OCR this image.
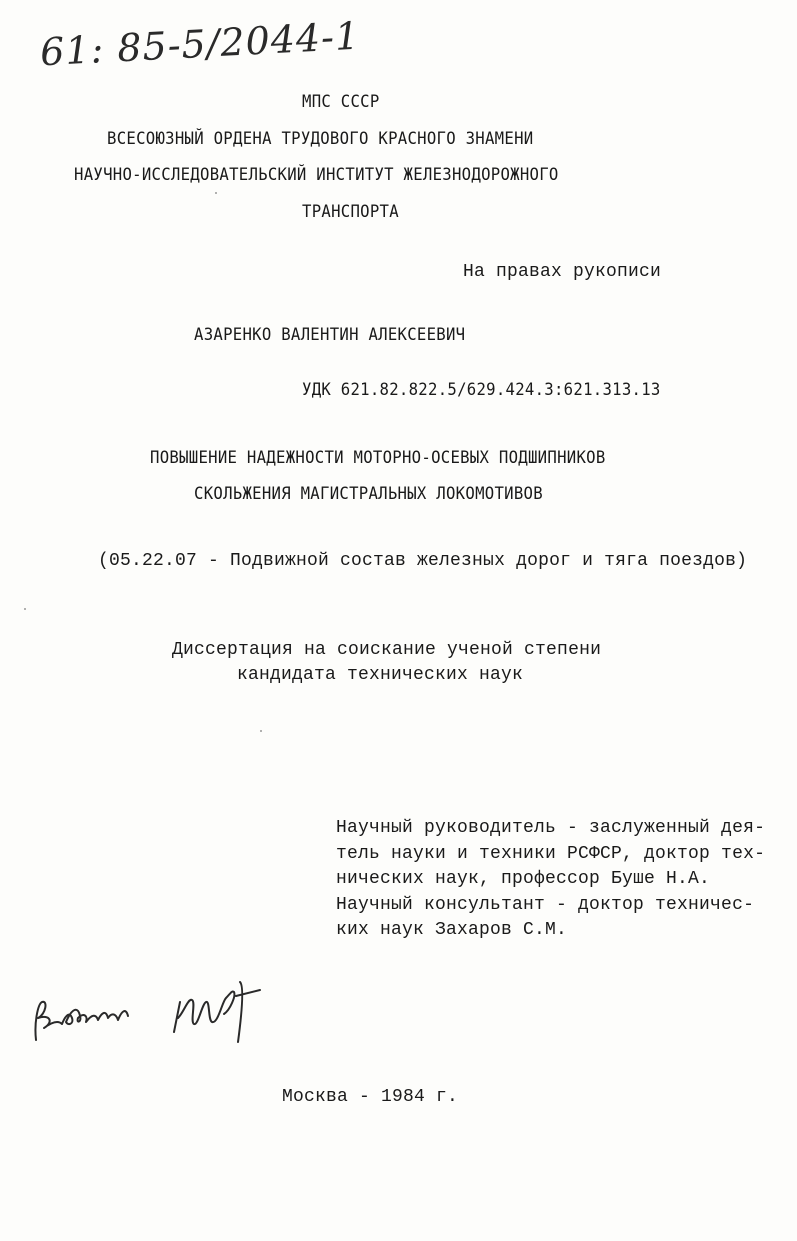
61: 85-5/2044-1
МПС СССР
ВСЕСОЮЗНЫЙ ОРДЕНА ТРУДОВОГО КРАСНОГО ЗНАМЕНИ
НАУЧНО-ИССЛЕДОВАТЕЛЬСКИЙ ИНСТИТУТ ЖЕЛЕЗНОДОРОЖНОГО
ТРАНСПОРТА
На правах рукописи
АЗАРЕНКО ВАЛЕНТИН АЛЕКСЕЕВИЧ
УДК 621.82.822.5/629.424.3:621.313.13
ПОВЫШЕНИЕ НАДЕЖНОСТИ МОТОРНО-ОСЕВЫХ ПОДШИПНИКОВ
СКОЛЬЖЕНИЯ МАГИСТРАЛЬНЫХ ЛОКОМОТИВОВ
(05.22.07 - Подвижной состав железных дорог и тяга поездов)
Диссертация на соискание ученой степени
кандидата технических наук
Научный руководитель - заслуженный дея-
тель науки и техники РСФСР, доктор тех-
нических наук, профессор Буше Н.А.
Научный консультант - доктор техничес-
ких наук Захаров С.М.
Москва - 1984 г.
